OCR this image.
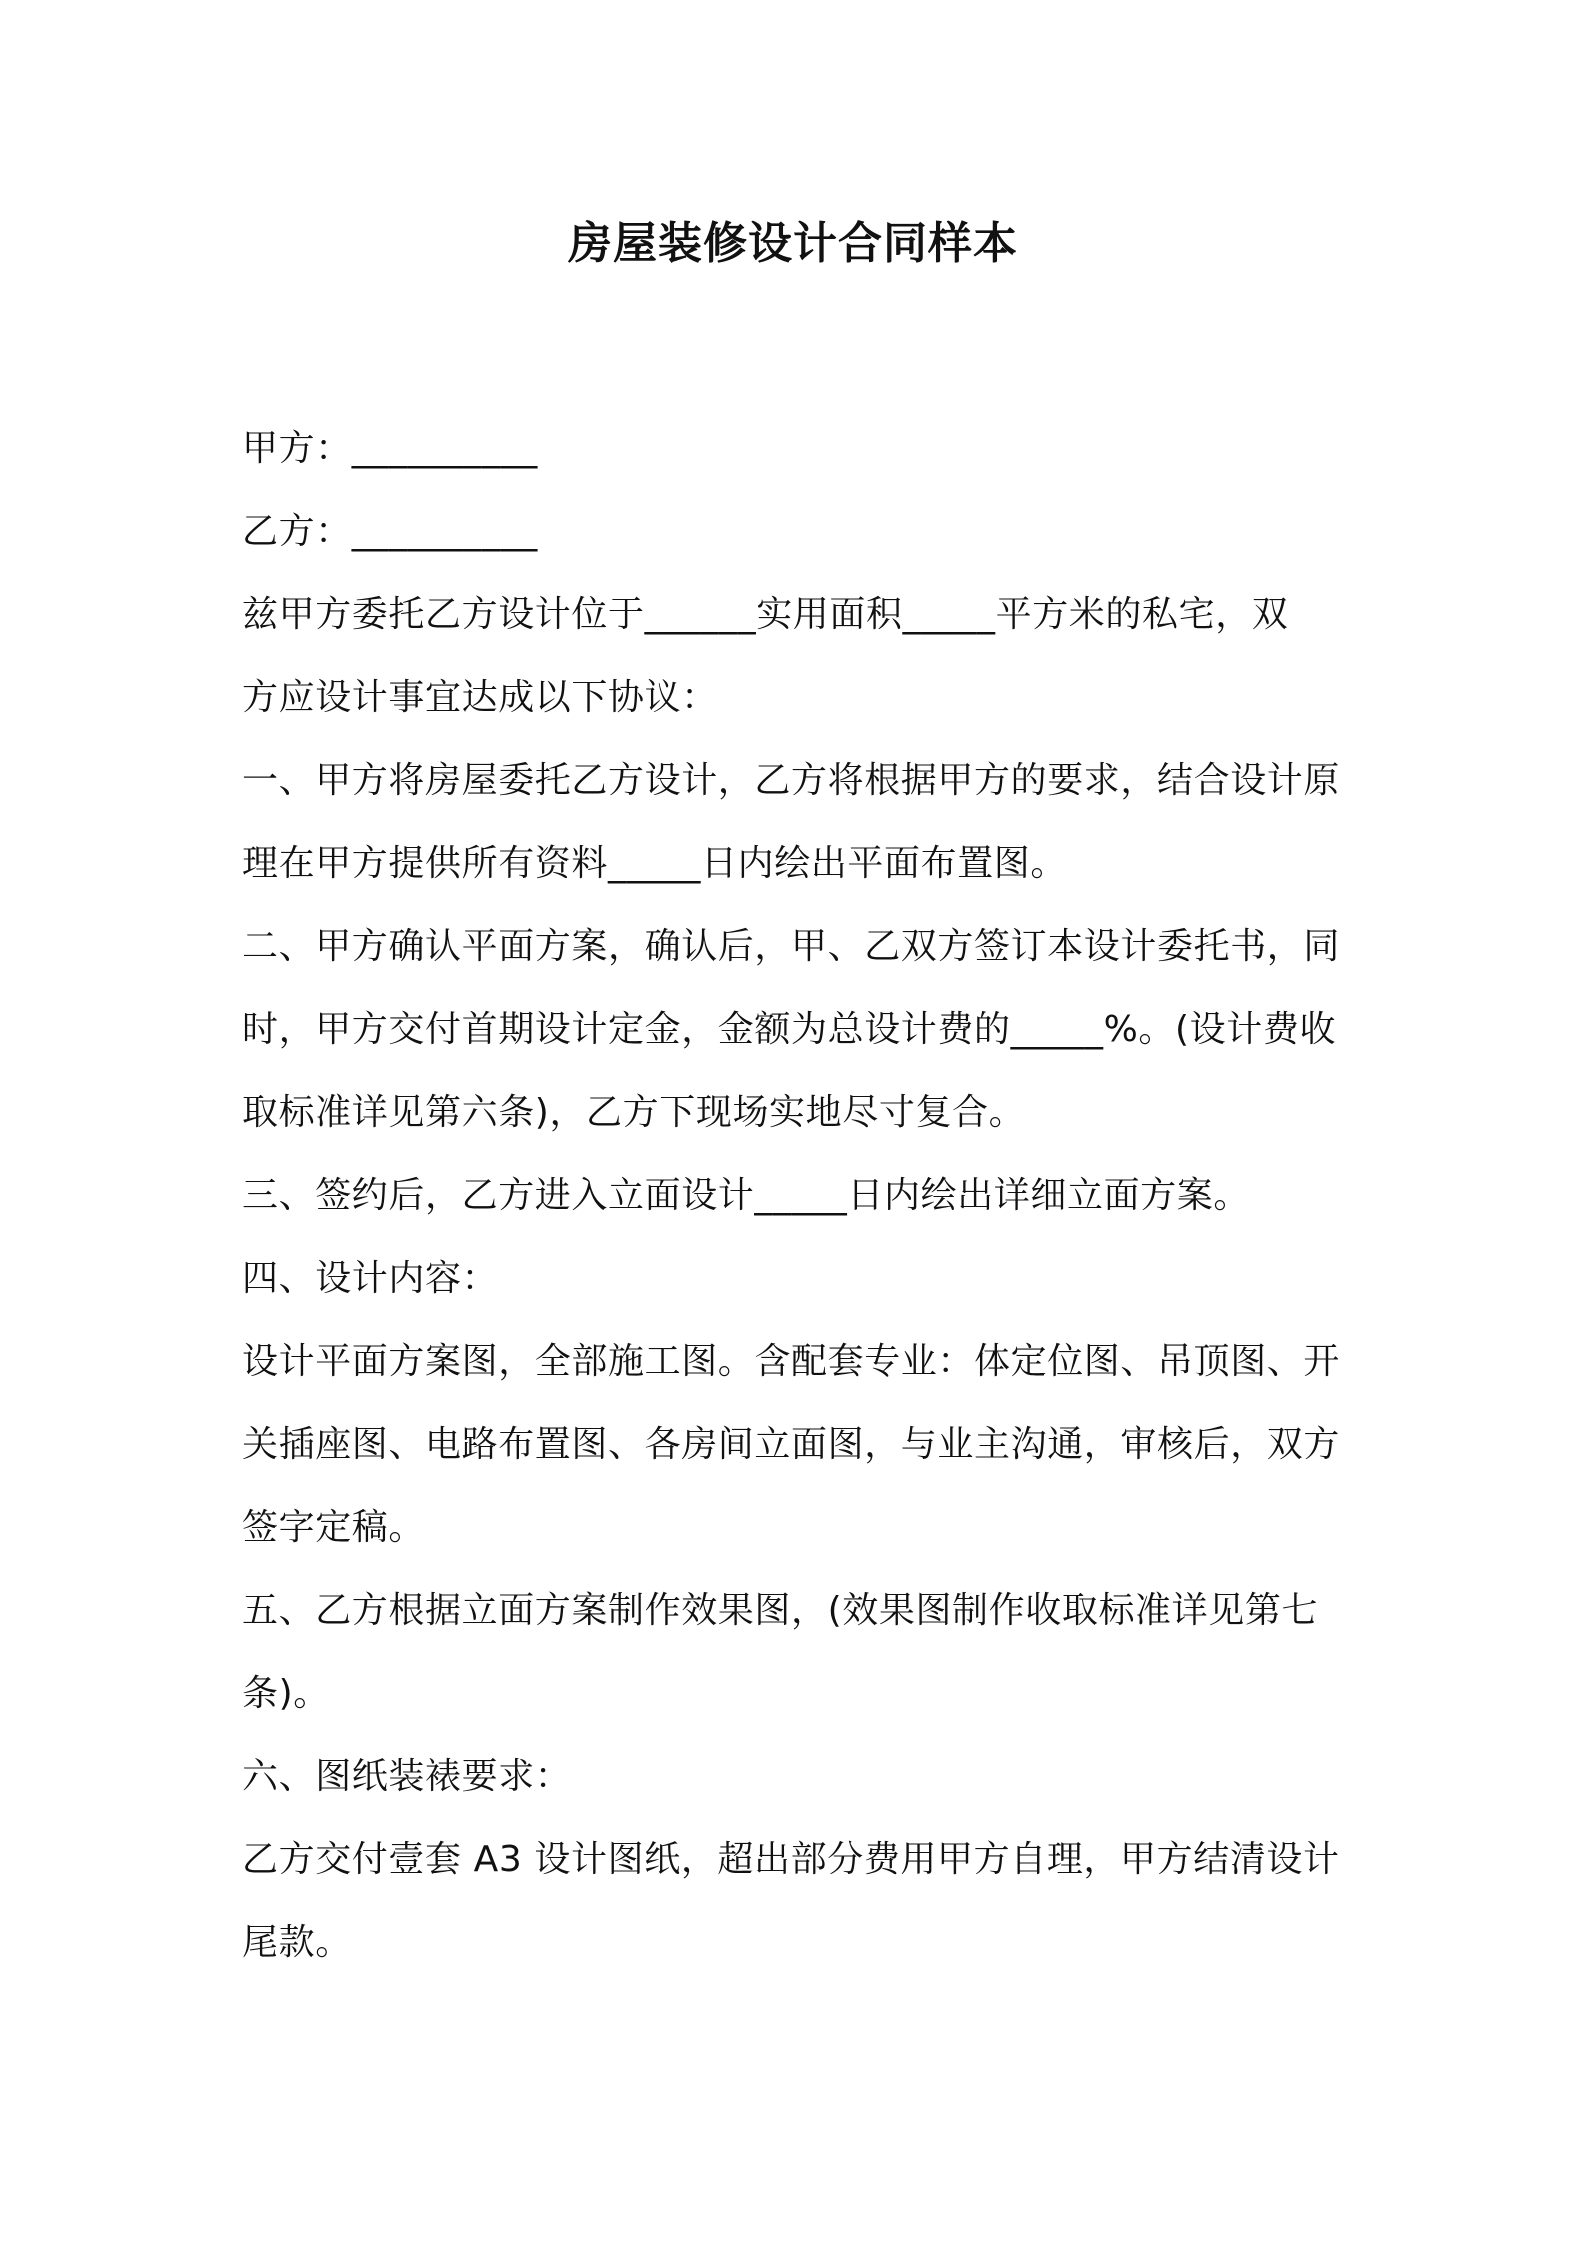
房屋装修设计合同样本
甲方：__________
乙方：__________
兹甲方委托乙方设计位于______实用面积_____平方米的私宅，双
方应设计事宜达成以下协议：
一、甲方将房屋委托乙方设计，乙方将根据甲方的要求，结合设计原
理在甲方提供所有资料_____日内绘出平面布置图。
二、甲方确认平面方案，确认后，甲、乙双方签订本设计委托书，同
时，甲方交付首期设计定金，金额为总设计费的_____%。(设计费收
取标准详见第六条)，乙方下现场实地尽寸复合。
三、签约后，乙方进入立面设计_____日内绘出详细立面方案。
四、设计内容：
设计平面方案图，全部施工图。含配套专业：体定位图、吊顶图、开
关插座图、电路布置图、各房间立面图，与业主沟通，审核后，双方
签字定稿。
五、乙方根据立面方案制作效果图，(效果图制作收取标准详见第七
条)。
六、图纸装裱要求：
乙方交付壹套 A3 设计图纸，超出部分费用甲方自理，甲方结清设计
尾款。
